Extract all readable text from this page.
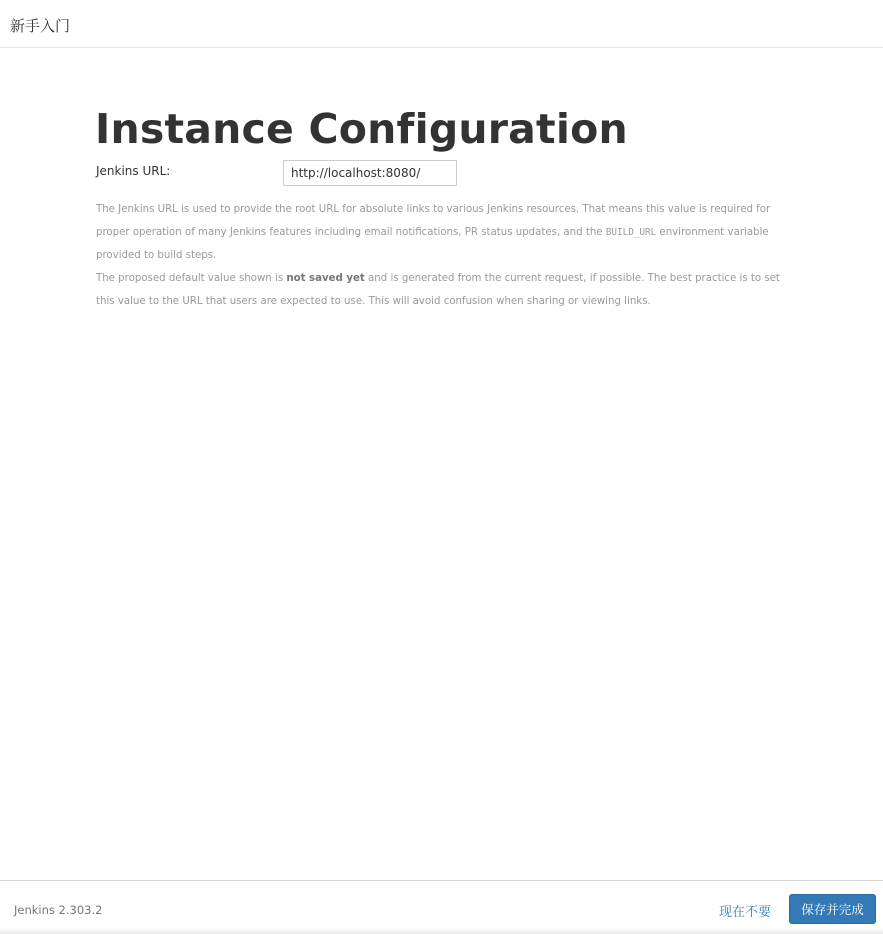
新手入门
Instance Configuration
Jenkins URL:
http://localhost:8080/

The Jenkins URL is used to provide the root URL for absolute links to various Jenkins resources. That means this value is required for proper operation of many Jenkins features including email notifications, PR status updates, and the BUILD_URL environment variable provided to build steps.

The proposed default value shown is not saved yet and is generated from the current request, if possible. The best practice is to set this value to the URL that users are expected to use. This will avoid confusion when sharing or viewing links.

Jenkins 2.303.2	现在不要	保存并完成
